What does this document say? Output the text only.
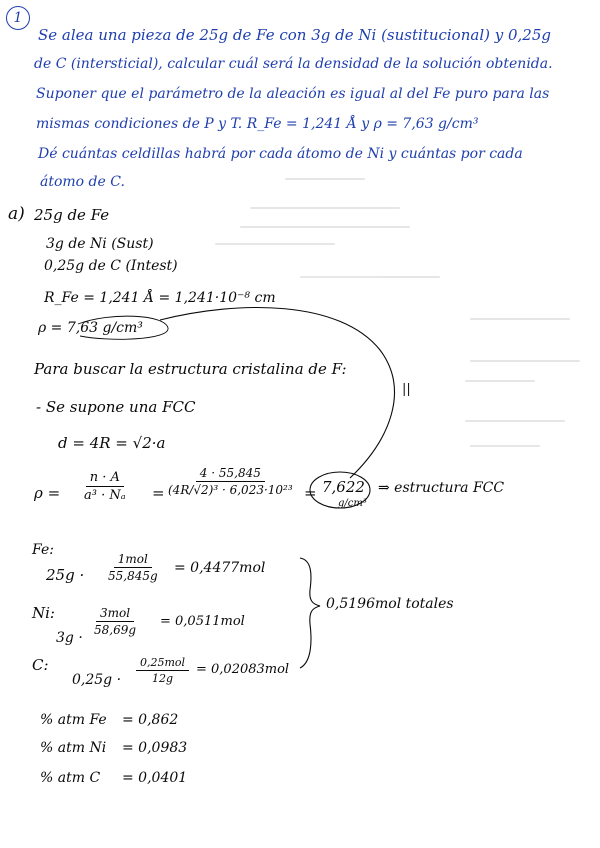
1
Se alea una pieza de 25g de Fe con 3g de Ni (sustitucional) y 0,25g
de C (intersticial), calcular cuál será la densidad de la solución obtenida.
Suponer que el parámetro de la aleación es igual al del Fe puro para las
mismas condiciones de P y T. R_Fe = 1,241 Å y ρ = 7,63 g/cm³
Dé cuántas celdillas habrá por cada átomo de Ni y cuántas por cada
átomo de C.
a) 25g de Fe
3g de Ni (Sust)
0,25g de C (Intest)
R_Fe = 1,241 Å = 1,241·10⁻⁸ cm
ρ = 7,63 g/cm³
Para buscar la estructura cristalina de F:
||
- Se supone una FCC
d = 4R = √2·a
$\rho = \frac{n \cdot A}{\text{a³ · Nₐ}} = \frac{4 \cdot 55,845}{\text{(4R/√2)³ · 6,023·10²³}} = 7,622$
g/cm³
⇒ estructura FCC
Fe:
25g ·
1mol
55,845g = 0,4477mol
Ni:
3g ·
3mol
58,69g
= 0,0511mol
C:
0,25g ·
0,25mol
12g
= 0,02083mol
0,5196mol totales
% atm Fe = 0,862
% atm Ni = 0,0983
% atm C = 0,0401
